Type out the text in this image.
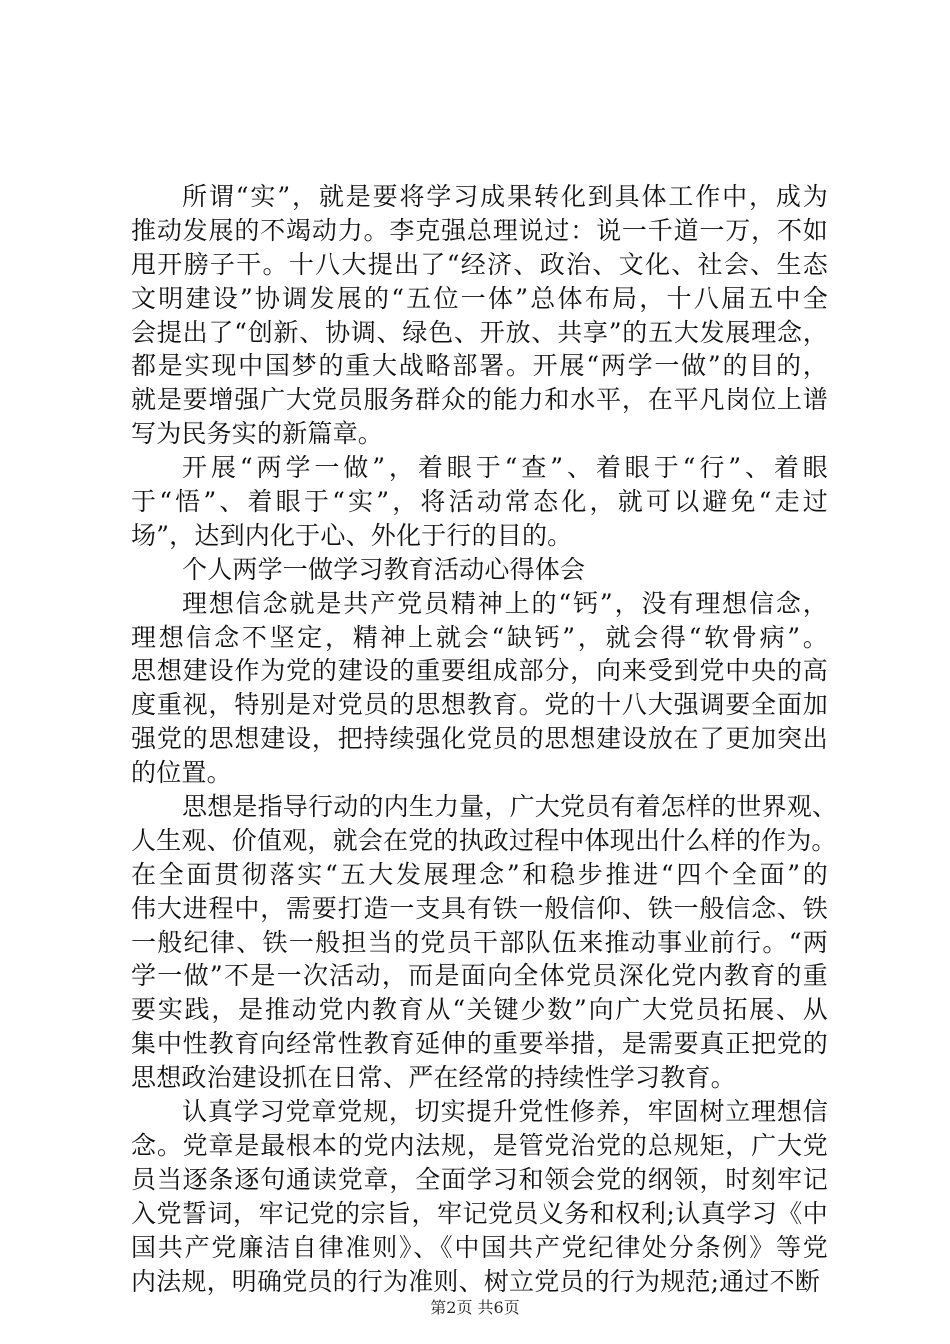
所谓“实”，就是要将学习成果转化到具体工作中，成为
推动发展的不竭动力。李克强总理说过：说一千道一万，不如
甩开膀子干。十八大提出了“经济、政治、文化、社会、生态
文明建设”协调发展的“五位一体”总体布局，十八届五中全
会提出了“创新、协调、绿色、开放、共享”的五大发展理念，
都是实现中国梦的重大战略部署。开展“两学一做”的目的，
就是要增强广大党员服务群众的能力和水平，在平凡岗位上谱
写为民务实的新篇章。
开展“两学一做”，着眼于“查”、着眼于“行”、着眼
于“悟”、着眼于“实”，将活动常态化，就可以避免“走过
场”，达到内化于心、外化于行的目的。
个人两学一做学习教育活动心得体会
理想信念就是共产党员精神上的“钙”，没有理想信念，
理想信念不坚定，精神上就会“缺钙”，就会得“软骨病”。
思想建设作为党的建设的重要组成部分，向来受到党中央的高
度重视，特别是对党员的思想教育。党的十八大强调要全面加
强党的思想建设，把持续强化党员的思想建设放在了更加突出
的位置。
思想是指导行动的内生力量，广大党员有着怎样的世界观、
人生观、价值观，就会在党的执政过程中体现出什么样的作为。
在全面贯彻落实“五大发展理念”和稳步推进“四个全面”的
伟大进程中，需要打造一支具有铁一般信仰、铁一般信念、铁
一般纪律、铁一般担当的党员干部队伍来推动事业前行。“两
学一做”不是一次活动，而是面向全体党员深化党内教育的重
要实践，是推动党内教育从“关键少数”向广大党员拓展、从
集中性教育向经常性教育延伸的重要举措，是需要真正把党的
思想政治建设抓在日常、严在经常的持续性学习教育。
认真学习党章党规，切实提升党性修养，牢固树立理想信
念。党章是最根本的党内法规，是管党治党的总规矩，广大党
员当逐条逐句通读党章，全面学习和领会党的纲领，时刻牢记
入党誓词，牢记党的宗旨，牢记党员义务和权利;认真学习《中
国共产党廉洁自律准则》、《中国共产党纪律处分条例》等党
内法规，明确党员的行为准则、树立党员的行为规范;通过不断
第2页 共6页
